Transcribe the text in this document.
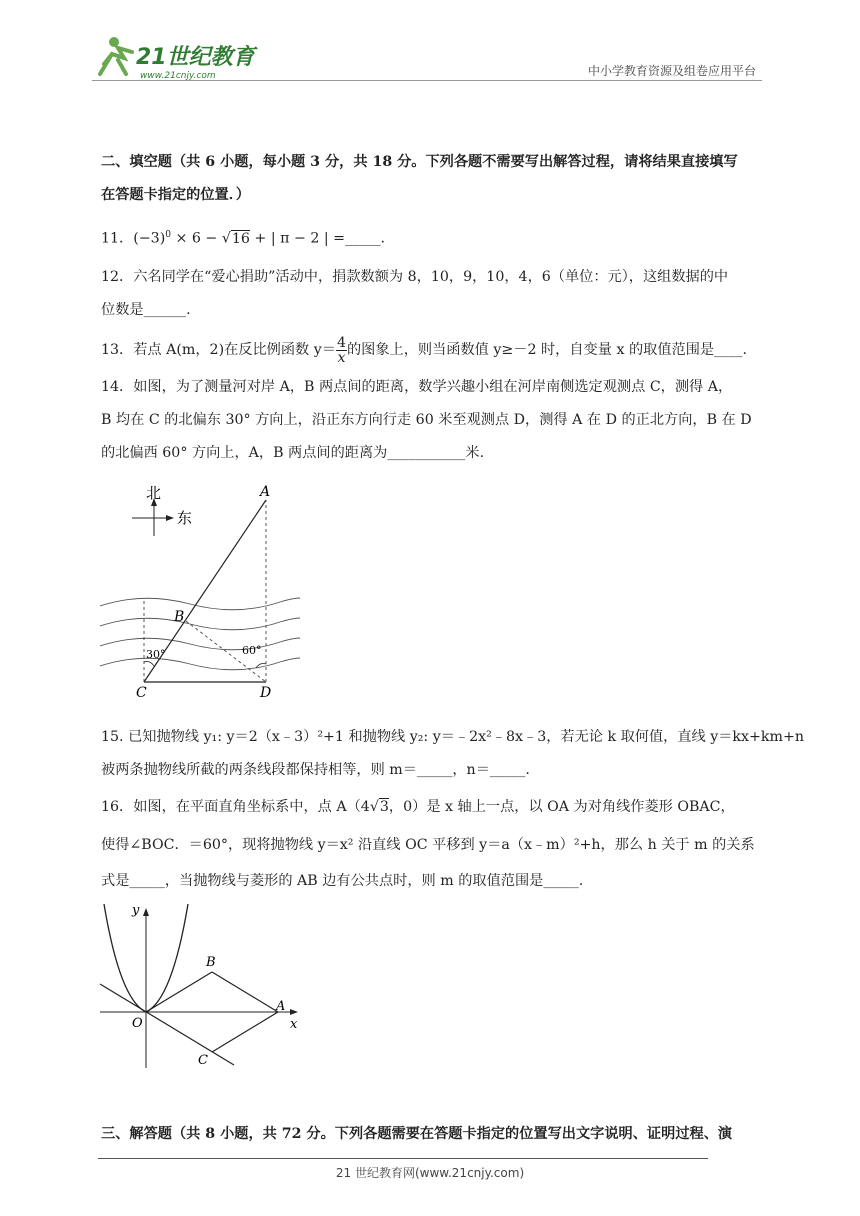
21世纪教育
www.21cnjy.com	中小学教育资源及组卷应用平台
二、填空题（共 6 小题，每小题 3 分，共 18 分。下列各题不需要写出解答过程，请将结果直接填写
在答题卡指定的位置．）
11．$(-3)^0 \times 6 - √16$ + | π − 2 | =_____.
12．六名同学在“爱心捐助”活动中，捐款数额为 8，10，9，10，4，6（单位：元），这组数据的中
位数是______.
13．若点 A(m，2)在反比例函数 $y= \frac{4}{x}$ 的图象上，则当函数值 y≥－2 时，自变量 x 的取值范围是____.
14．如图，为了测量河对岸 A，B 两点间的距离，数学兴趣小组在河岸南侧选定观测点 C，测得 A，
B 均在 C 的北偏东 30° 方向上，沿正东方向行走 60 米至观测点 D，测得 A 在 D 的正北方向，B 在 D
的北偏西 60° 方向上，A，B 两点间的距离为___________米.
北
东
A
B
C	D
30°	60°
15. 已知抛物线 y₁: y＝2（x﹣3）²+1 和抛物线 y₂: y＝﹣2x²﹣8x﹣3，若无论 k 取何值，直线 y＝kx+km+n
被两条抛物线所截的两条线段都保持相等，则 m＝_____，n＝_____.
16．如图，在平面直角坐标系中，点 A（4√3，0）是 x 轴上一点，以 OA 为对角线作菱形 OBAC，
使得∠BOC．＝60°，现将抛物线 y＝x² 沿直线 OC 平移到 y＝a（x﹣m）²+h，那么 h 关于 m 的关系
式是_____，当抛物线与菱形的 AB 边有公共点时，则 m 的取值范围是_____.
y
x
O
A
B
C
三、解答题（共 8 小题，共 72 分。下列各题需要在答题卡指定的位置写出文字说明、证明过程、演
21 世纪教育网(www.21cnjy.com)
